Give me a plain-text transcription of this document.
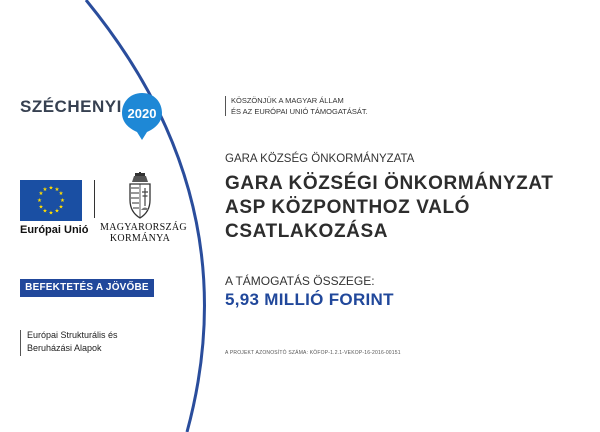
SZÉCHENYI 2020
★ ★
★
★
★
★
★
★
★
★
★
★
Európai Unió MAGYARORSZÁG
KORMÁNYA
BEFEKTETÉS A JÖVŐBE
Európai Strukturális és
Beruházási Alapok
KÖSZÖNJÜK A MAGYAR ÁLLAM
ÉS AZ EURÓPAI UNIÓ TÁMOGATÁSÁT.
GARA KÖZSÉG ÖNKORMÁNYZATA
GARA KÖZSÉGI ÖNKORMÁNYZAT
ASP KÖZPONTHOZ VALÓ
CSATLAKOZÁSA
A TÁMOGATÁS ÖSSZEGE:
5,93 MILLIÓ FORINT
A PROJEKT AZONOSÍTÓ SZÁMA: KÖFOP-1.2.1-VEKOP-16-2016-00151
